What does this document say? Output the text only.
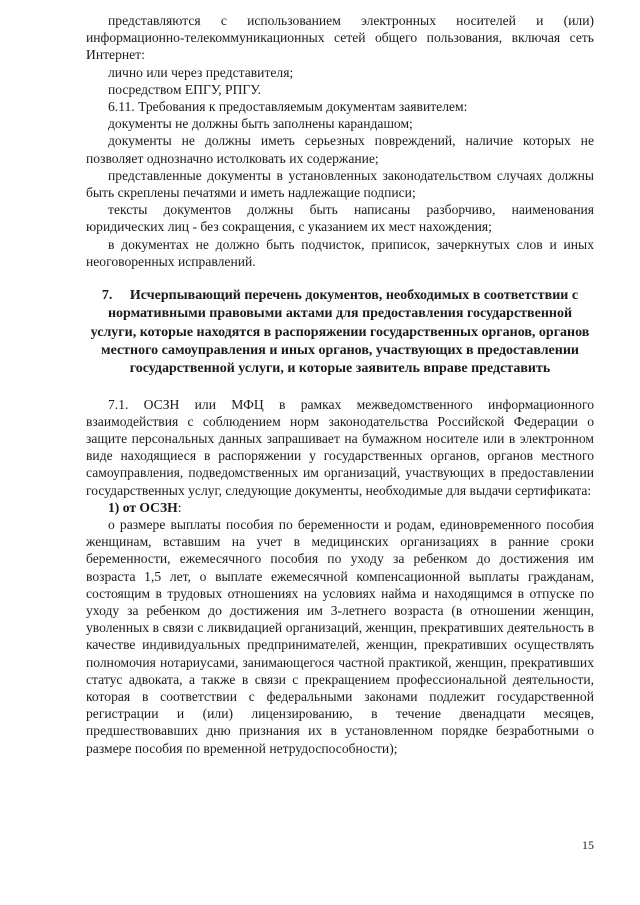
представляются с использованием электронных носителей и (или) информационно-телекоммуникационных сетей общего пользования, включая сеть Интернет:

лично или через представителя;

посредством ЕПГУ, РПГУ.

6.11. Требования к предоставляемым документам заявителем:

документы не должны быть заполнены карандашом;

документы не должны иметь серьезных повреждений, наличие которых не позволяет однозначно истолковать их содержание;

представленные документы в установленных законодательством случаях должны быть скреплены печатями и иметь надлежащие подписи;

тексты документов должны быть написаны разборчиво, наименования юридических лиц - без сокращения, с указанием их мест нахождения;

в документах не должно быть подчисток, приписок, зачеркнутых слов и иных неоговоренных исправлений.

7. Исчерпывающий перечень документов, необходимых в соответствии с нормативными правовыми актами для предоставления государственной услуги, которые находятся в распоряжении государственных органов, органов местного самоуправления и иных органов, участвующих в предоставлении государственной услуги, и которые заявитель вправе представить

7.1. ОСЗН или МФЦ в рамках межведомственного информационного взаимодействия с соблюдением норм законодательства Российской Федерации о защите персональных данных запрашивает на бумажном носителе или в электронном виде находящиеся в распоряжении у государственных органов, органов местного самоуправления, подведомственных им организаций, участвующих в предоставлении государственных услуг, следующие документы, необходимые для выдачи сертификата:

1) от ОСЗН:

о размере выплаты пособия по беременности и родам, единовременного пособия женщинам, вставшим на учет в медицинских организациях в ранние сроки беременности, ежемесячного пособия по уходу за ребенком до достижения им возраста 1,5 лет, о выплате ежемесячной компенсационной выплаты гражданам, состоящим в трудовых отношениях на условиях найма и находящимся в отпуске по уходу за ребенком до достижения им 3-летнего возраста (в отношении женщин, уволенных в связи с ликвидацией организаций, женщин, прекративших деятельность в качестве индивидуальных предпринимателей, женщин, прекративших осуществлять полномочия нотариусами, занимающегося частной практикой, женщин, прекративших статус адвоката, а также в связи с прекращением профессиональной деятельности, которая в соответствии с федеральными законами подлежит государственной регистрации и (или) лицензированию, в течение двенадцати месяцев, предшествовавших дню признания их в установленном порядке безработными о размере пособия по временной нетрудоспособности);

15
